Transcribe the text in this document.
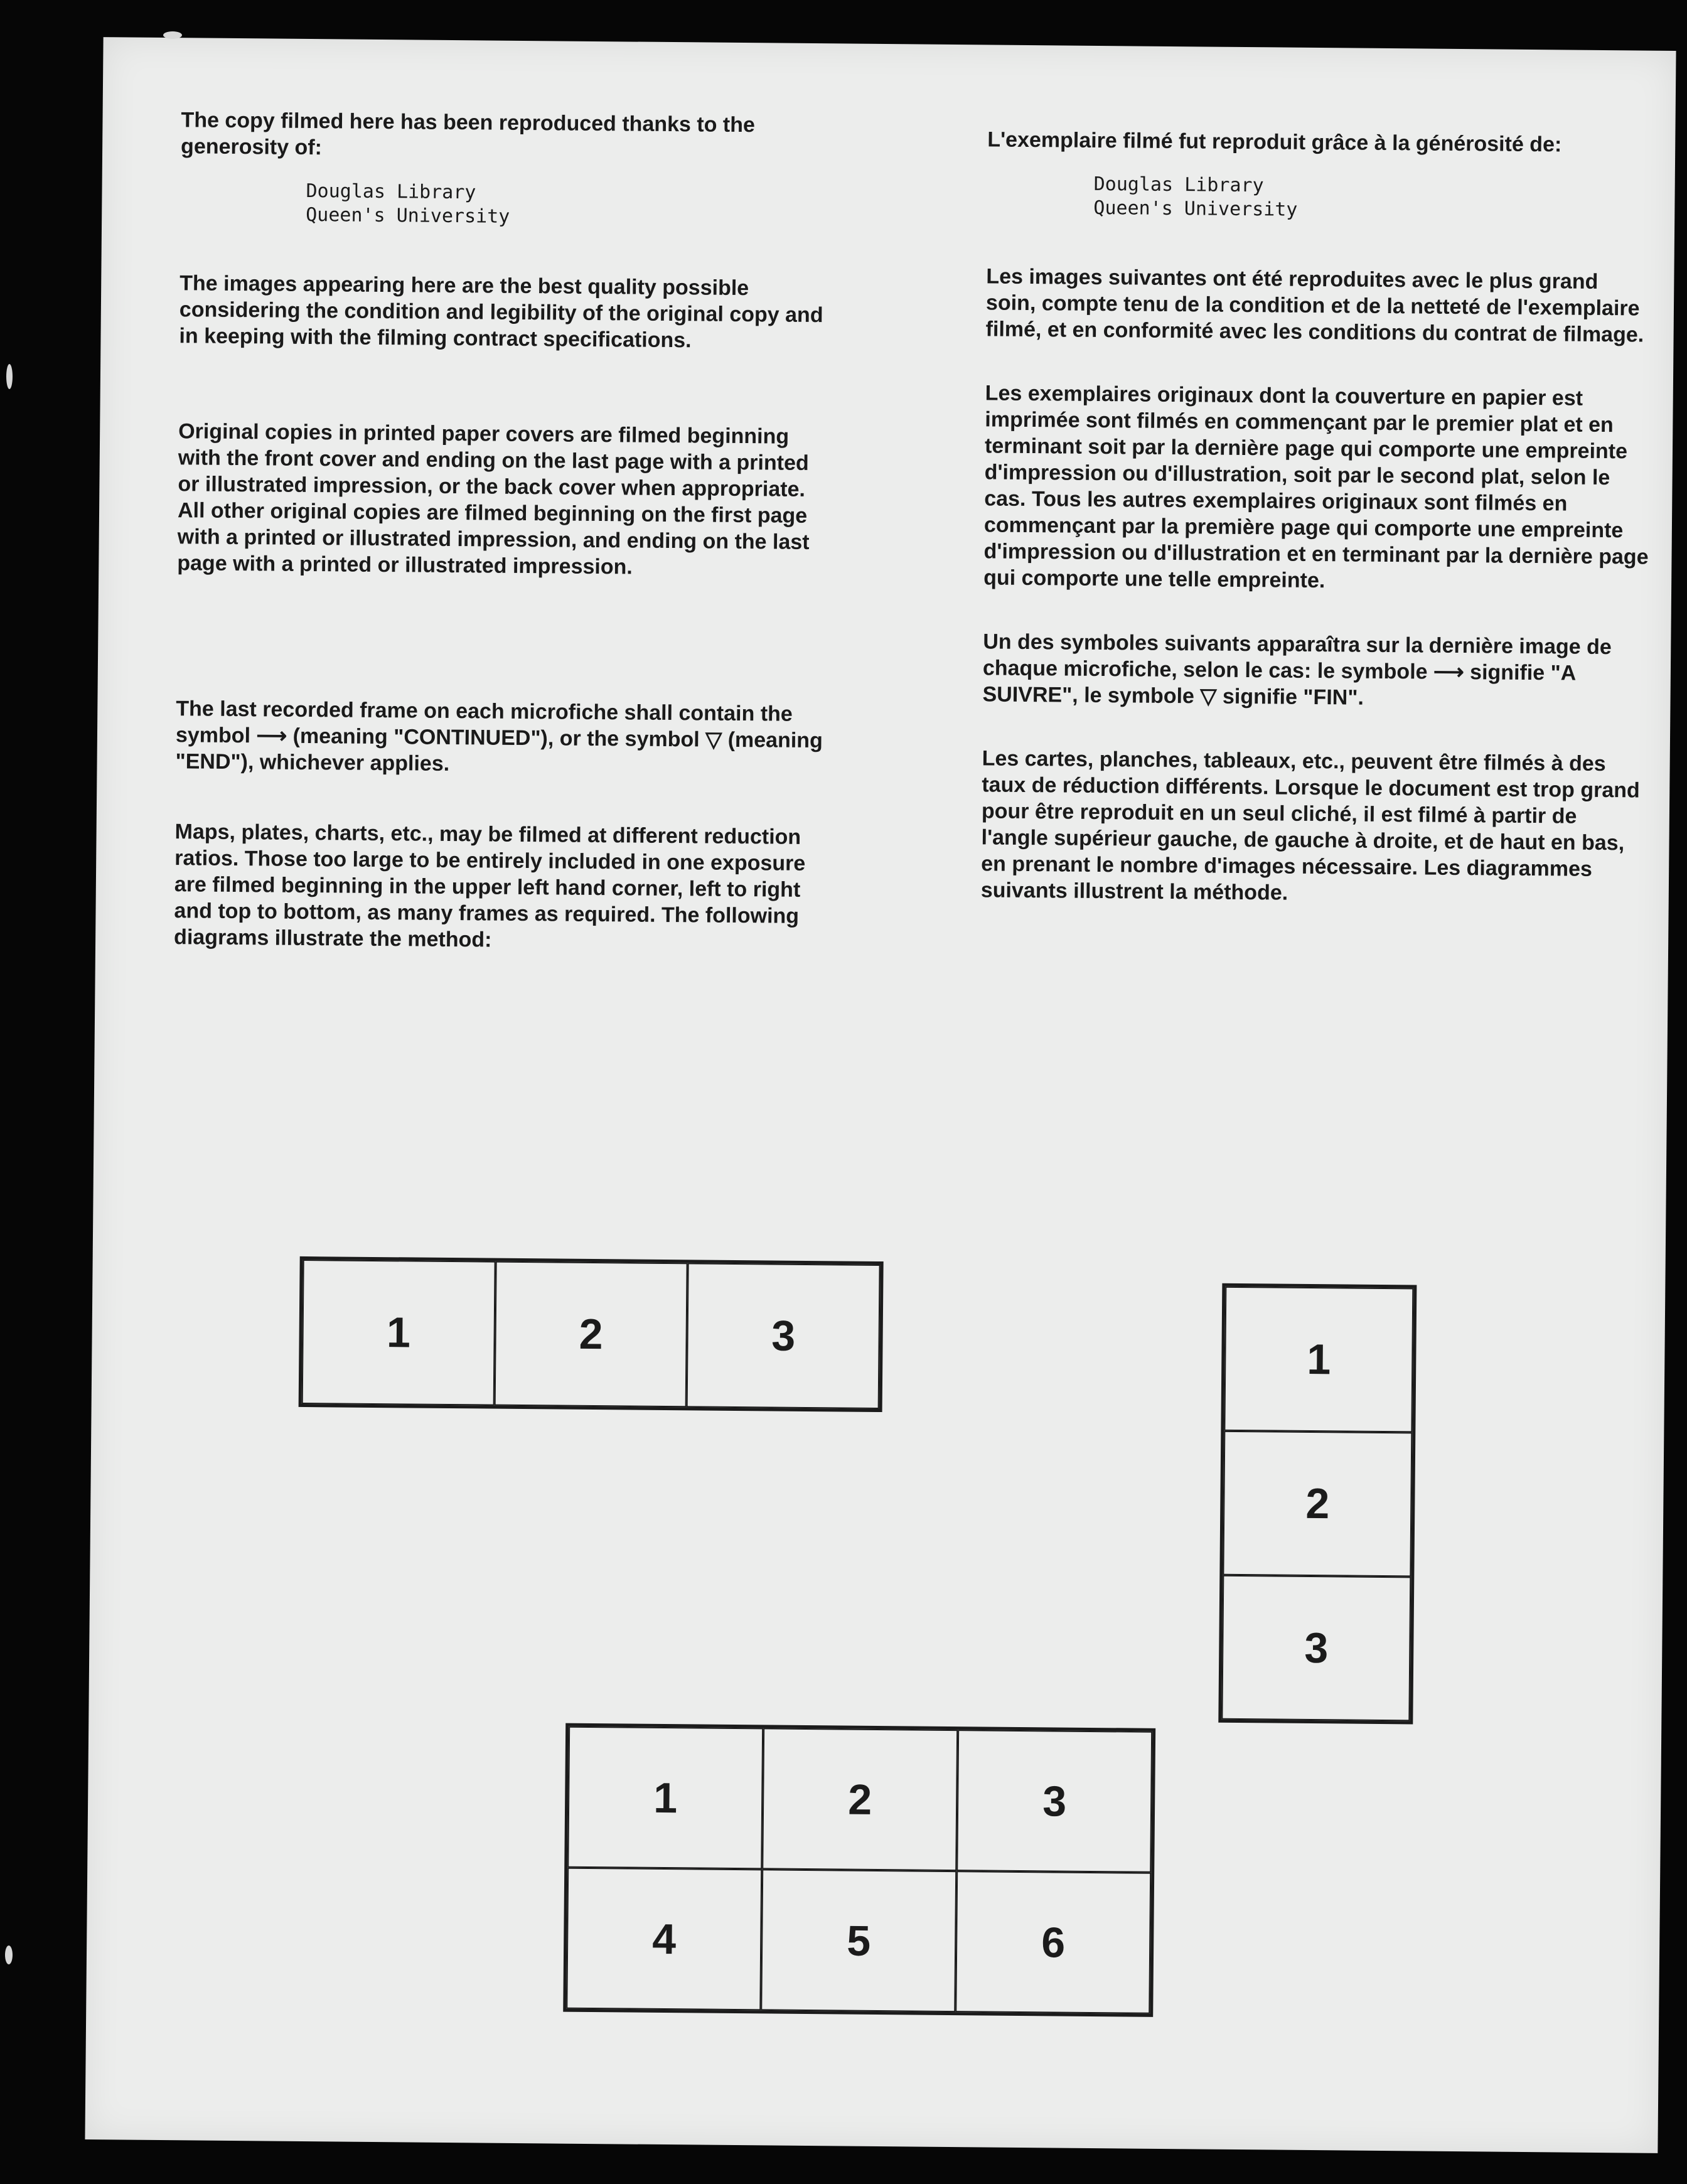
The copy filmed here has been reproduced thanks to the generosity of:

Douglas Library
Queen's University

The images appearing here are the best quality possible considering the condition and legibility of the original copy and in keeping with the filming contract specifications.

Original copies in printed paper covers are filmed beginning with the front cover and ending on the last page with a printed or illustrated impression, or the back cover when appropriate. All other original copies are filmed beginning on the first page with a printed or illustrated impression, and ending on the last page with a printed or illustrated impression.

The last recorded frame on each microfiche shall contain the symbol ⟶ (meaning "CONTINUED"), or the symbol ▽ (meaning "END"), whichever applies.

Maps, plates, charts, etc., may be filmed at different reduction ratios. Those too large to be entirely included in one exposure are filmed beginning in the upper left hand corner, left to right and top to bottom, as many frames as required. The following diagrams illustrate the method:

L'exemplaire filmé fut reproduit grâce à la générosité de:

Douglas Library
Queen's University

Les images suivantes ont été reproduites avec le plus grand soin, compte tenu de la condition et de la netteté de l'exemplaire filmé, et en conformité avec les conditions du contrat de filmage.

Les exemplaires originaux dont la couverture en papier est imprimée sont filmés en commençant par le premier plat et en terminant soit par la dernière page qui comporte une empreinte d'impression ou d'illustration, soit par le second plat, selon le cas. Tous les autres exemplaires originaux sont filmés en commençant par la première page qui comporte une empreinte d'impression ou d'illustration et en terminant par la dernière page qui comporte une telle empreinte.

Un des symboles suivants apparaîtra sur la dernière image de chaque microfiche, selon le cas: le symbole ⟶ signifie "A SUIVRE", le symbole ▽ signifie "FIN".

Les cartes, planches, tableaux, etc., peuvent être filmés à des taux de réduction différents. Lorsque le document est trop grand pour être reproduit en un seul cliché, il est filmé à partir de l'angle supérieur gauche, de gauche à droite, et de haut en bas, en prenant le nombre d'images nécessaire. Les diagrammes suivants illustrent la méthode.

1	2	3	1
2
3
1	2	3
4	5	6
